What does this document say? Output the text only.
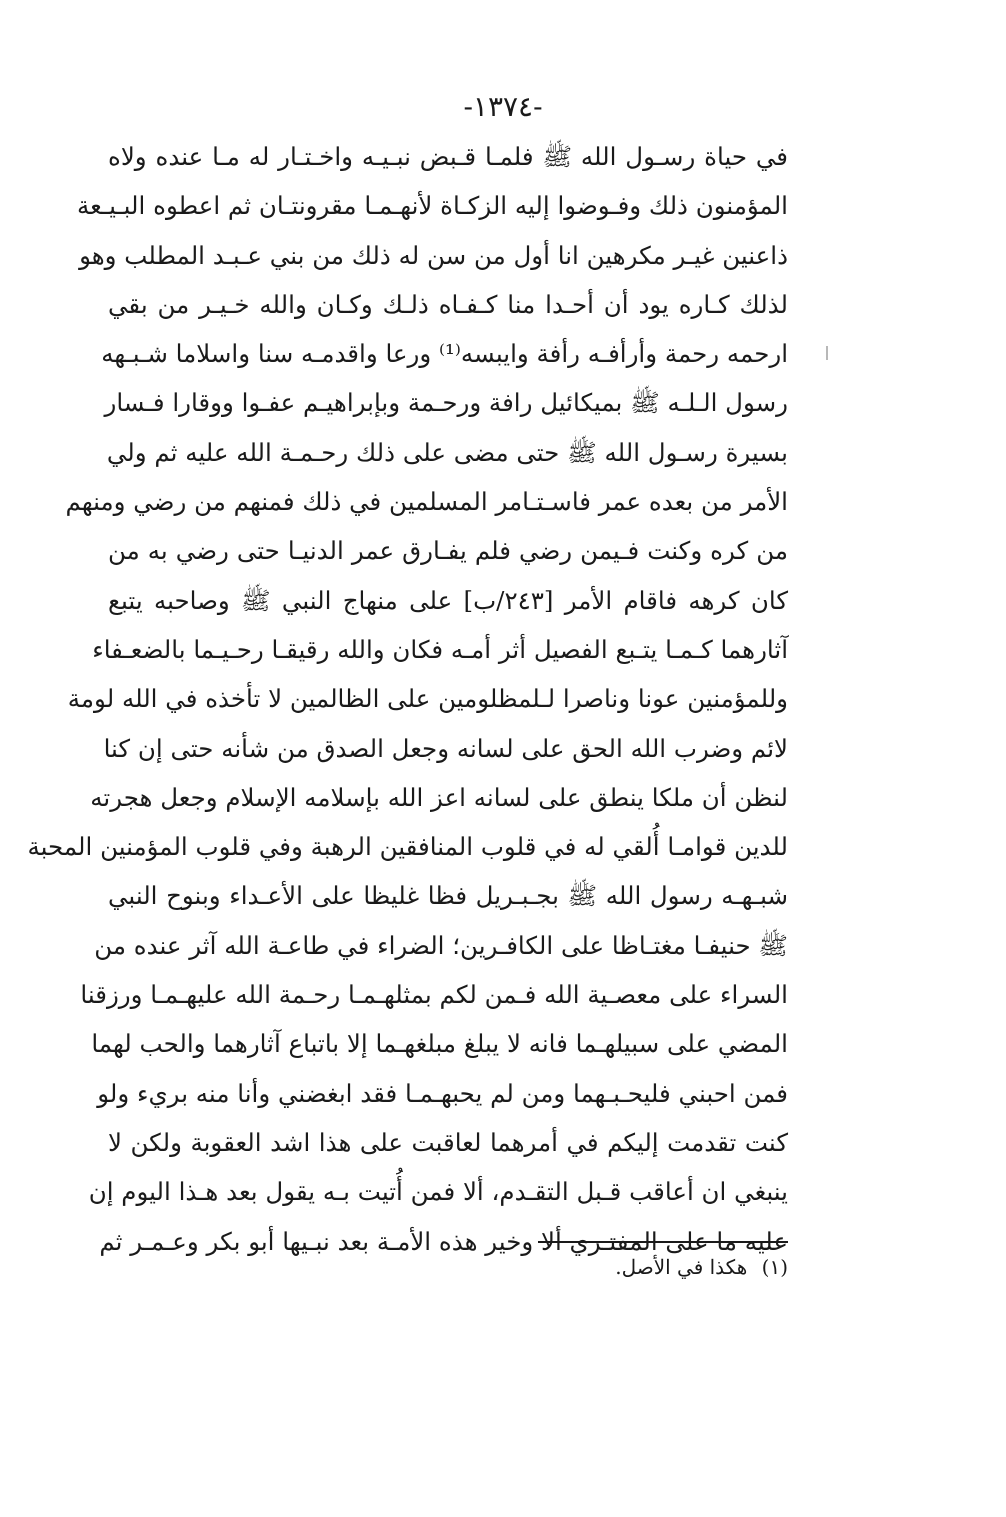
-١٣٧٤-
في حياة رسـول الله ﷺ فلمـا قـبض نبـيـه واخـتـار له مـا عنده ولاه
المؤمنون ذلك وفـوضوا إليه الزكـاة لأنهـمـا مقرونتـان ثم اعطوه البـيـعة
ذاعنين غيـر مكرهين انا أول من سن له ذلك من بني عـبـد المطلب وهو
لذلك كـاره يود أن أحـدا منا كـفـاه ذلـك وكـان والله خـيـر من بقي
ارحمه رحمة وأرأفـه رأفة وايبسه⁽¹⁾ ورعا واقدمـه سنا واسلاما شـبـهه
رسول الـلـه ﷺ بميكائيل رافة ورحـمة وبإبراهيـم عفـوا ووقارا فـسار
بسيرة رسـول الله ﷺ حتى مضى على ذلك رحـمـة الله عليه ثم ولي
الأمر من بعده عمر فاسـتـامر المسلمين في ذلك فمنهم من رضي ومنهم
من كره وكنت فـيمن رضي فلم يفـارق عمر الدنيـا حتى رضي به من
كان كرهه فاقام الأمر [٢٤٣/ب] على منهاج النبي ﷺ وصاحبه يتبع
آثارهما كـمـا يتـبع الفصيل أثر أمـه فكان والله رقيقـا رحـيـما بالضعـفاء
وللمؤمنين عونا وناصرا لـلمظلومين على الظالمين لا تأخذه في الله لومة
لائم وضرب الله الحق على لسانه وجعل الصدق من شأنه حتى إن كنا
لنظن أن ملكا ينطق على لسانه اعز الله بإسلامه الإسلام وجعل هجرته
للدين قوامـا أُلقي له في قلوب المنافقين الرهبة وفي قلوب المؤمنين المحبة
شبـهـه رسول الله ﷺ بجـبـريل فظا غليظا على الأعـداء وبنوح النبي
ﷺ حنيفـا مغتـاظا على الكافـرين؛ الضراء في طاعـة الله آثر عنده من
السراء على معصـية الله فـمن لكم بمثلهـمـا رحـمة الله عليهـمـا ورزقنا
المضي على سبيلهـما فانه لا يبلغ مبلغهـما إلا باتباع آثارهما والحب لهما
فمن احبني فليحـبـهما ومن لم يحبهـمـا فقد ابغضني وأنا منه بريء ولو
كنت تقدمت إليكم في أمرهما لعاقبت على هذا اشد العقوبة ولكن لا
ينبغي ان أعاقب قـبل التقـدم، ألا فمن أُتيت بـه يقول بعد هـذا اليوم إن
عليه ما على المفتـري ألا وخير هذه الأمـة بعد نبـيها أبو بكر وعـمـر ثم
(١) هكذا في الأصل.
